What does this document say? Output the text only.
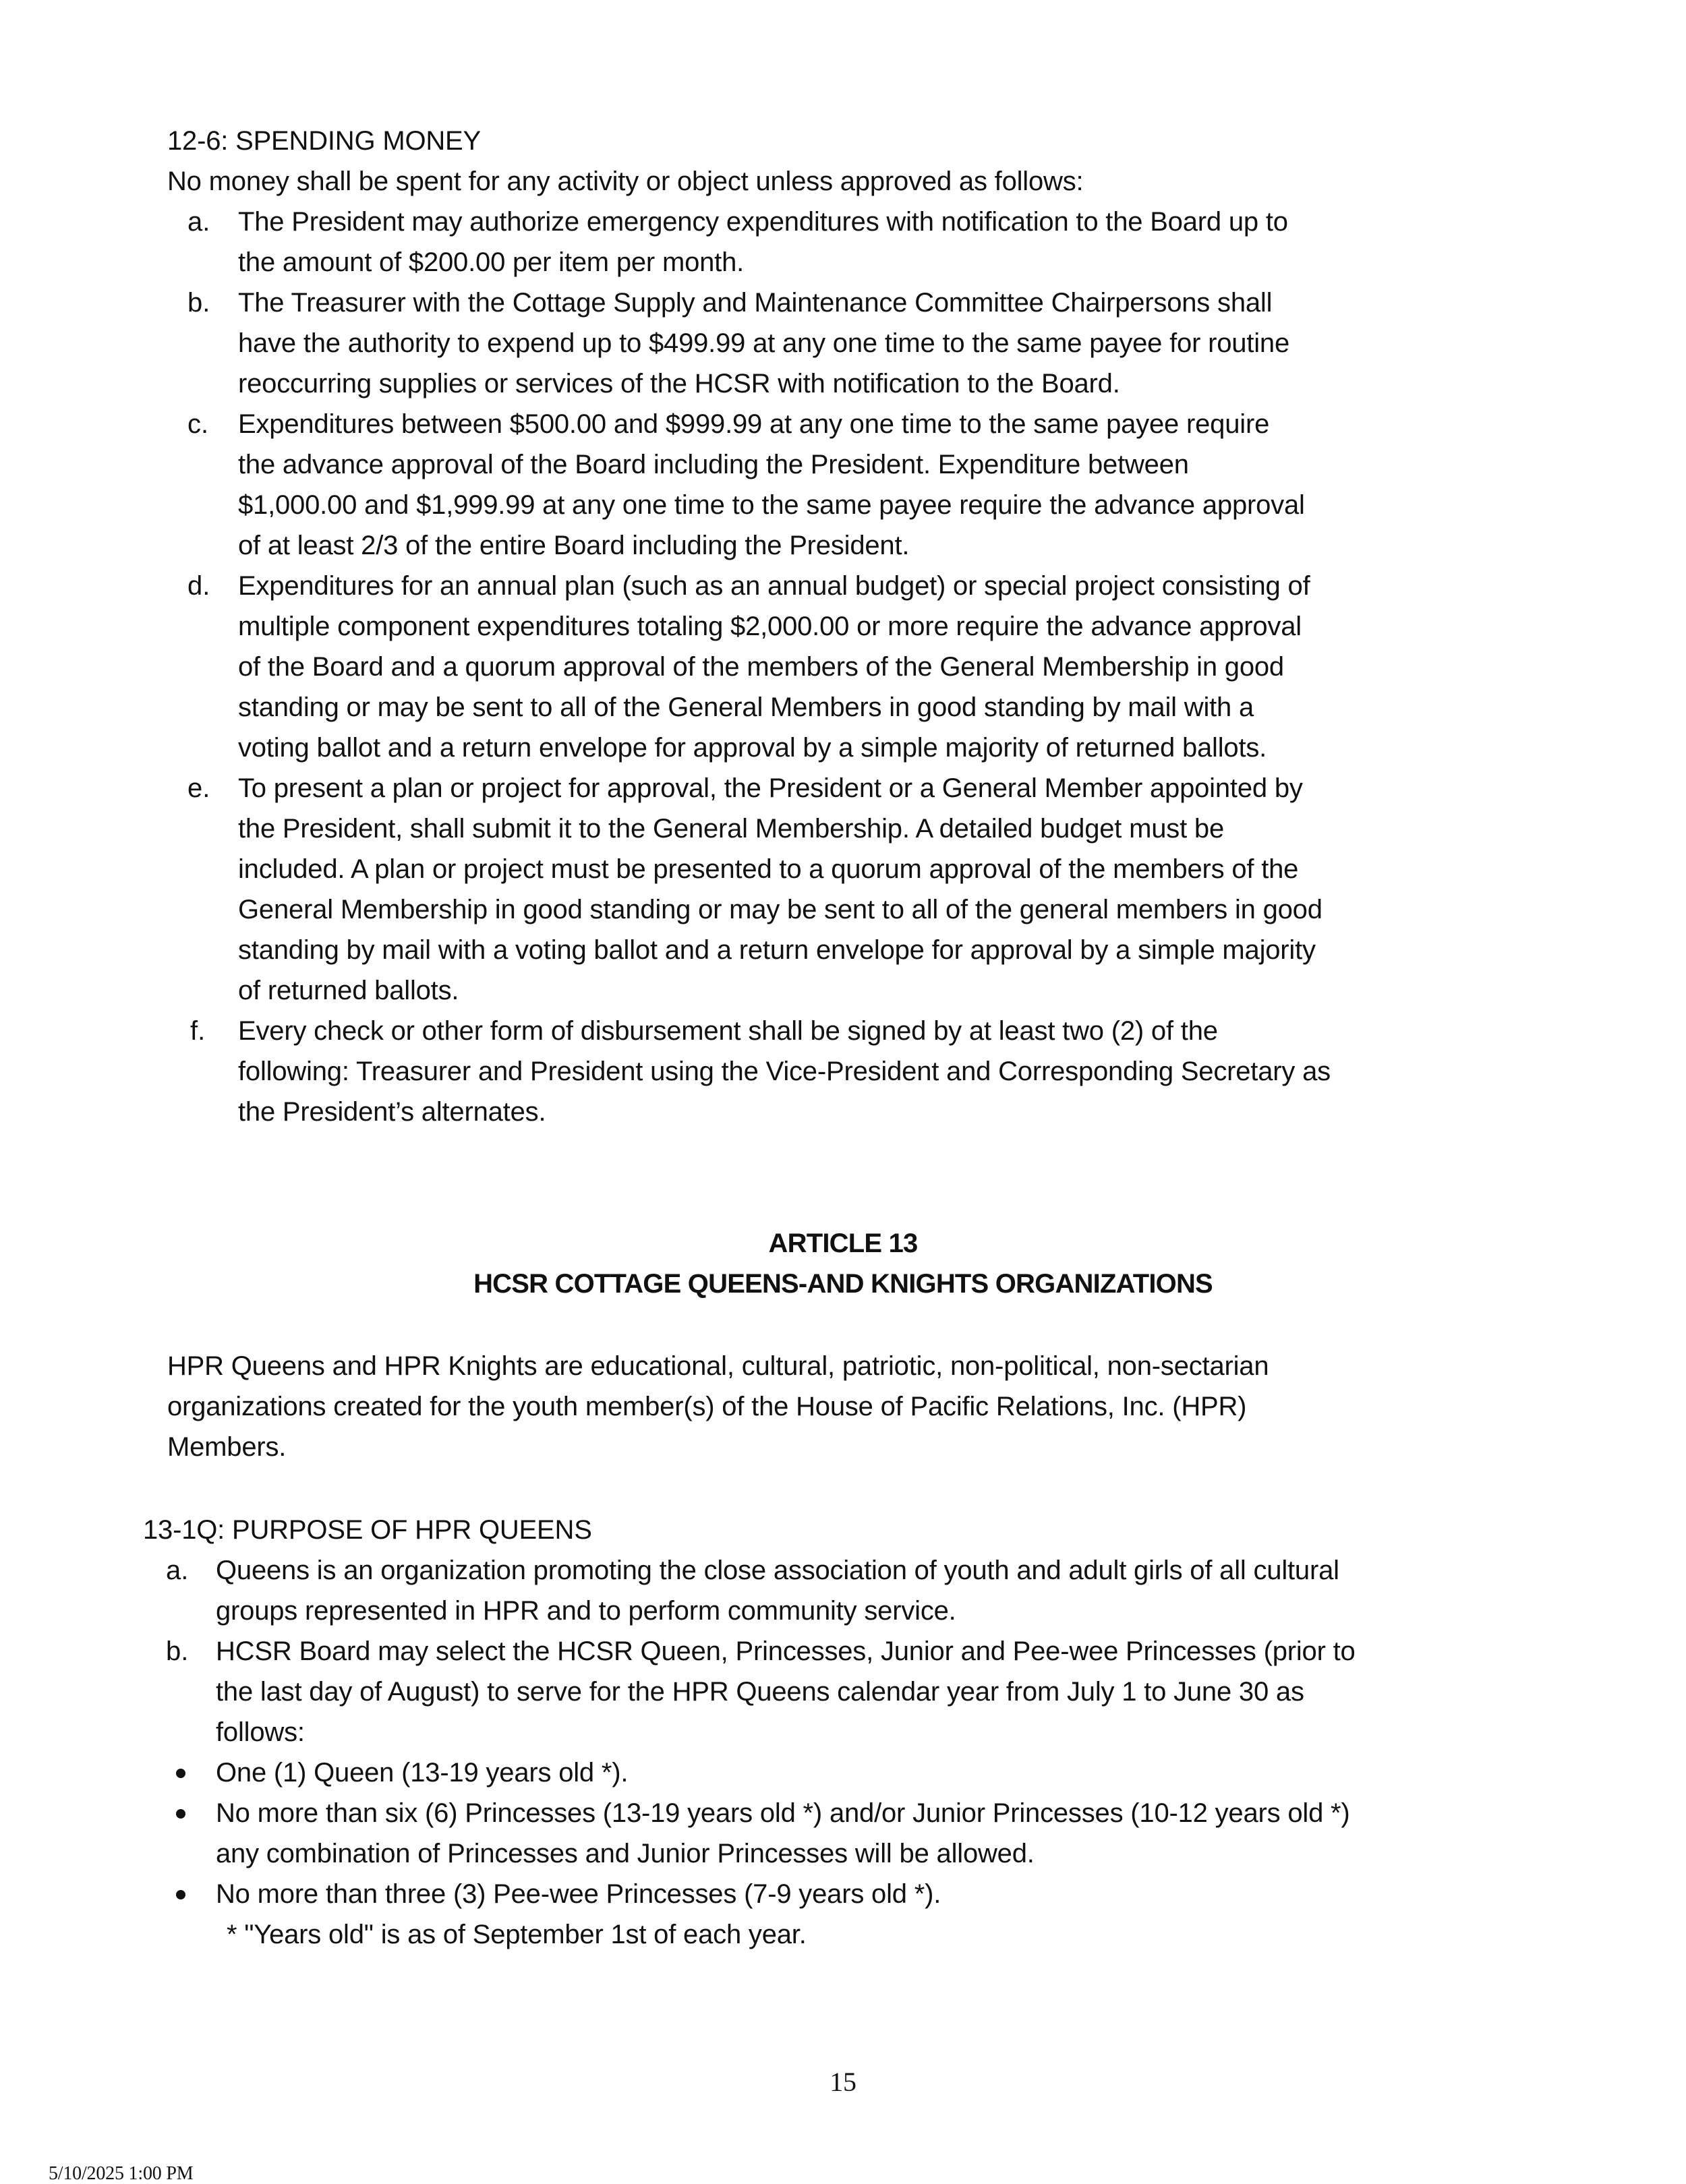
12-6: SPENDING MONEY
No money shall be spent for any activity or object unless approved as follows:
a. The President may authorize emergency expenditures with notification to the Board up to
the amount of $200.00 per item per month.
b. The Treasurer with the Cottage Supply and Maintenance Committee Chairpersons shall
have the authority to expend up to $499.99 at any one time to the same payee for routine
reoccurring supplies or services of the HCSR with notification to the Board.
c. Expenditures between $500.00 and $999.99 at any one time to the same payee require
the advance approval of the Board including the President. Expenditure between
$1,000.00 and $1,999.99 at any one time to the same payee require the advance approval
of at least 2/3 of the entire Board including the President.
d. Expenditures for an annual plan (such as an annual budget) or special project consisting of
multiple component expenditures totaling $2,000.00 or more require the advance approval
of the Board and a quorum approval of the members of the General Membership in good
standing or may be sent to all of the General Members in good standing by mail with a
voting ballot and a return envelope for approval by a simple majority of returned ballots.
e. To present a plan or project for approval, the President or a General Member appointed by
the President, shall submit it to the General Membership. A detailed budget must be
included. A plan or project must be presented to a quorum approval of the members of the
General Membership in good standing or may be sent to all of the general members in good
standing by mail with a voting ballot and a return envelope for approval by a simple majority
of returned ballots.
f. Every check or other form of disbursement shall be signed by at least two (2) of the
following: Treasurer and President using the Vice-President and Corresponding Secretary as
the President’s alternates.
ARTICLE 13
HCSR COTTAGE QUEENS-AND KNIGHTS ORGANIZATIONS
HPR Queens and HPR Knights are educational, cultural, patriotic, non-political, non-sectarian
organizations created for the youth member(s) of the House of Pacific Relations, Inc. (HPR)
Members.
13-1Q: PURPOSE OF HPR QUEENS
a. Queens is an organization promoting the close association of youth and adult girls of all cultural
groups represented in HPR and to perform community service.
b. HCSR Board may select the HCSR Queen, Princesses, Junior and Pee-wee Princesses (prior to
the last day of August) to serve for the HPR Queens calendar year from July 1 to June 30 as
follows:
One (1) Queen (13-19 years old *).
No more than six (6) Princesses (13-19 years old *) and/or Junior Princesses (10-12 years old *)
any combination of Princesses and Junior Princesses will be allowed.
No more than three (3) Pee-wee Princesses (7-9 years old *).
* "Years old" is as of September 1st of each year.
15
5/10/2025 1:00 PM
